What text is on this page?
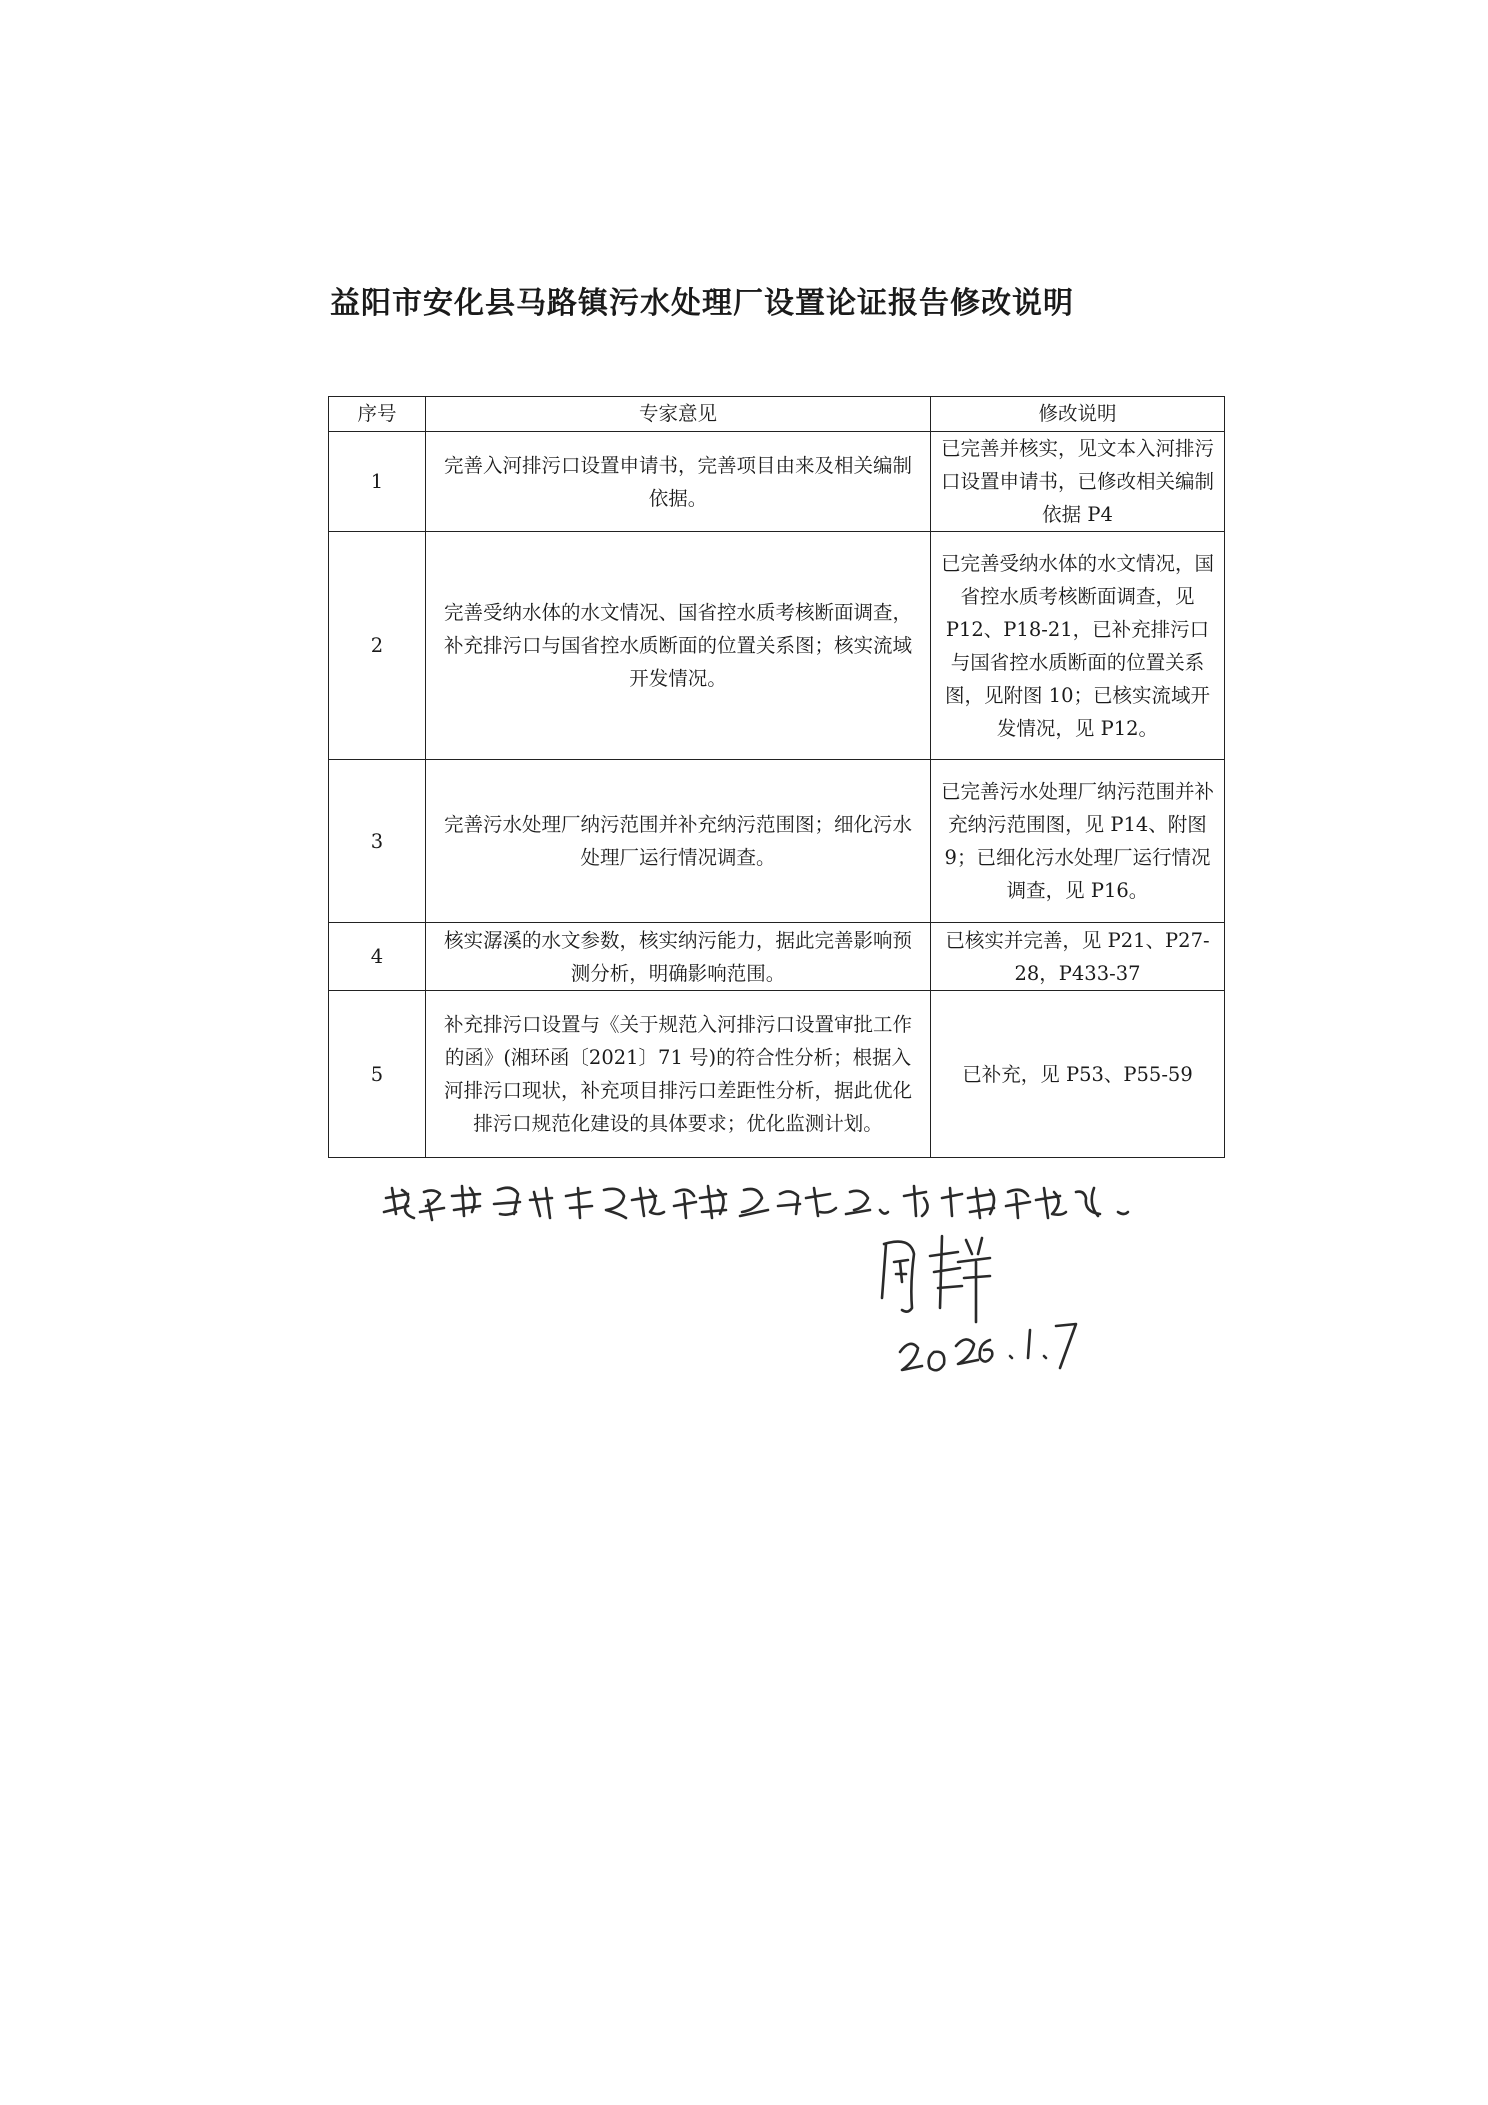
益阳市安化县马路镇污水处理厂设置论证报告修改说明
序号	专家意见	修改说明
1	完善入河排污口设置申请书，完善项目由来及相关编制依据。	已完善并核实，见文本入河排污口设置申请书，已修改相关编制依据 P4
2	完善受纳水体的水文情况、国省控水质考核断面调查，补充排污口与国省控水质断面的位置关系图；核实流域开发情况。	已完善受纳水体的水文情况，国省控水质考核断面调查，见 P12、P18-21，已补充排污口与国省控水质断面的位置关系图，见附图 10；已核实流域开发情况，见 P12。
3	完善污水处理厂纳污范围并补充纳污范围图；细化污水处理厂运行情况调查。	已完善污水处理厂纳污范围并补充纳污范围图，见 P14、附图 9；已细化污水处理厂运行情况调查，见 P16。
4	核实潺溪的水文参数，核实纳污能力，据此完善影响预测分析，明确影响范围。	已核实并完善，见 P21、P27-28，P433-37
5	补充排污口设置与《关于规范入河排污口设置审批工作的函》(湘环函〔2021〕71 号)的符合性分析；根据入河排污口现状，补充项目排污口差距性分析，据此优化排污口规范化建设的具体要求；优化监测计划。	已补充，见 P53、P55-59
